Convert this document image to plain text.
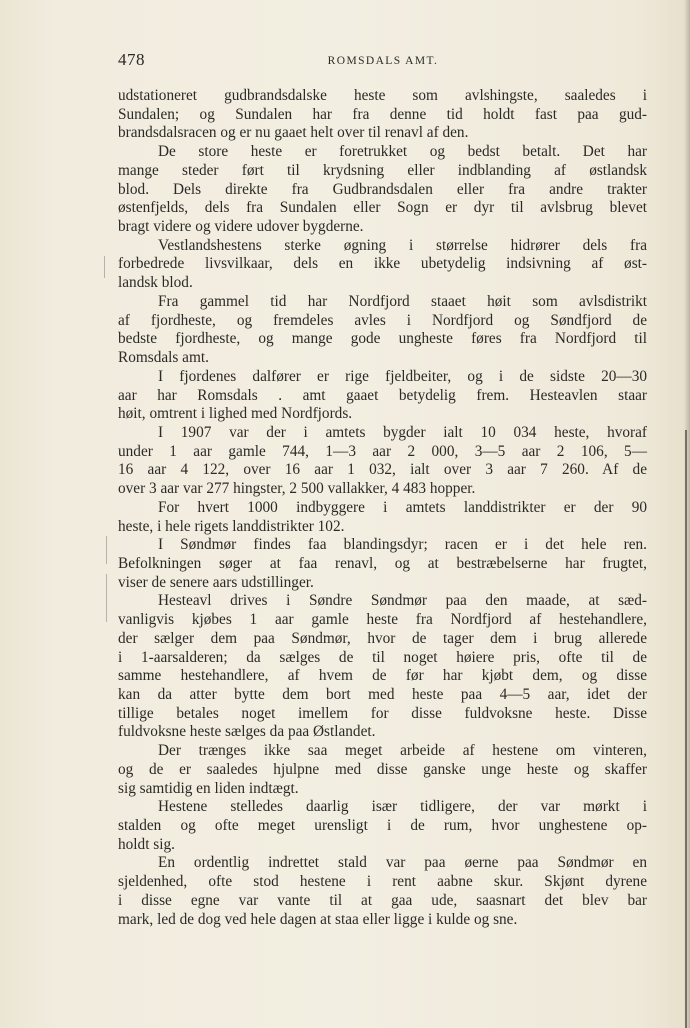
478	ROMSDALS AMT.
udstationeret gudbrandsdalske heste som avlshingste, saaledes i
Sundalen; og Sundalen har fra denne tid holdt fast paa gud-
brandsdalsracen og er nu gaaet helt over til renavl af den.
De store heste er foretrukket og bedst betalt. Det har
mange steder ført til krydsning eller indblanding af østlandsk
blod. Dels direkte fra Gudbrandsdalen eller fra andre trakter
østenfjelds, dels fra Sundalen eller Sogn er dyr til avlsbrug blevet
bragt videre og videre udover bygderne.
Vestlandshestens sterke øgning i størrelse hidrører dels fra
forbedrede livsvilkaar, dels en ikke ubetydelig indsivning af øst-
landsk blod.
Fra gammel tid har Nordfjord staaet høit som avlsdistrikt
af fjordheste, og fremdeles avles i Nordfjord og Søndfjord de
bedste fjordheste, og mange gode ungheste føres fra Nordfjord til
Romsdals amt.
I fjordenes dalfører er rige fjeldbeiter, og i de sidste 20—30
aar har Romsdals . amt gaaet betydelig frem. Hesteavlen staar
høit, omtrent i lighed med Nordfjords.
I 1907 var der i amtets bygder ialt 10 034 heste, hvoraf
under 1 aar gamle 744, 1—3 aar 2 000, 3—5 aar 2 106, 5—
16 aar 4 122, over 16 aar 1 032, ialt over 3 aar 7 260. Af de
over 3 aar var 277 hingster, 2 500 vallakker, 4 483 hopper.
For hvert 1000 indbyggere i amtets landdistrikter er der 90
heste, i hele rigets landdistrikter 102.
I Søndmør findes faa blandingsdyr; racen er i det hele ren.
Befolkningen søger at faa renavl, og at bestræbelserne har frugtet,
viser de senere aars udstillinger.
Hesteavl drives i Søndre Søndmør paa den maade, at sæd-
vanligvis kjøbes 1 aar gamle heste fra Nordfjord af hestehandlere,
der sælger dem paa Søndmør, hvor de tager dem i brug allerede
i 1-aarsalderen; da sælges de til noget høiere pris, ofte til de
samme hestehandlere, af hvem de før har kjøbt dem, og disse
kan da atter bytte dem bort med heste paa 4—5 aar, idet der
tillige betales noget imellem for disse fuldvoksne heste. Disse
fuldvoksne heste sælges da paa Østlandet.
Der trænges ikke saa meget arbeide af hestene om vinteren,
og de er saaledes hjulpne med disse ganske unge heste og skaffer
sig samtidig en liden indtægt.
Hestene stelledes daarlig især tidligere, der var mørkt i
stalden og ofte meget urensligt i de rum, hvor unghestene op-
holdt sig.
En ordentlig indrettet stald var paa øerne paa Søndmør en
sjeldenhed, ofte stod hestene i rent aabne skur. Skjønt dyrene
i disse egne var vante til at gaa ude, saasnart det blev bar
mark, led de dog ved hele dagen at staa eller ligge i kulde og sne.
